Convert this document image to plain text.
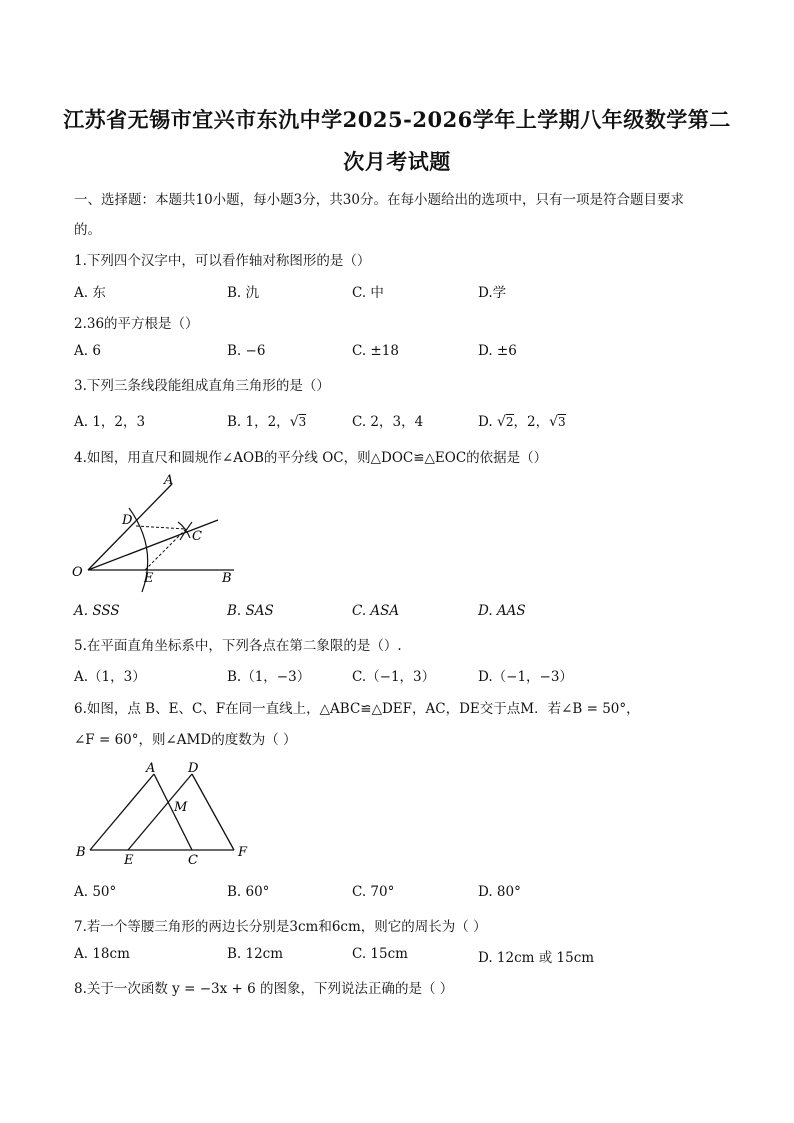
江苏省无锡市宜兴市东氿中学2025-2026学年上学期八年级数学第二
次月考试题
一、选择题：本题共10小题，每小题3分，共30分。在每小题给出的选项中，只有一项是符合题目要求
的。
1.下列四个汉字中，可以看作轴对称图形的是（）
A. 东	B. 氿	C. 中	D.学
2.36的平方根是（）
A. 6	B. −6	C. ±18	D. ±6
3.下列三条线段能组成直角三角形的是（）
A. 1，2，3	B. 1，2，√3	C. 2，3，4	D. √2，2，√3
4.如图，用直尺和圆规作∠AOB的平分线 OC，则△DOC≌△EOC的依据是（）
A
D
C
O	E	B
A. SSS	B. SAS	C. ASA	D. AAS
5.在平面直角坐标系中，下列各点在第二象限的是（）.
A.（1，3）	B.（1，−3）	C.（−1，3）	D.（−1，−3）
6.如图，点 B、E、C、F在同一直线上，△ABC≌△DEF，AC，DE交于点M．若∠B = 50°，
∠F = 60°，则∠AMD的度数为（ ）
A	D
M
B
E	C
F
A. 50°	B. 60°	C. 70°	D. 80°
7.若一个等腰三角形的两边长分别是3cm和6cm，则它的周长为（ ）
A. 18cm	B. 12cm	C. 15cm	D. 12cm 或 15cm
8.关于一次函数 y = −3x + 6 的图象，下列说法正确的是（ ）
